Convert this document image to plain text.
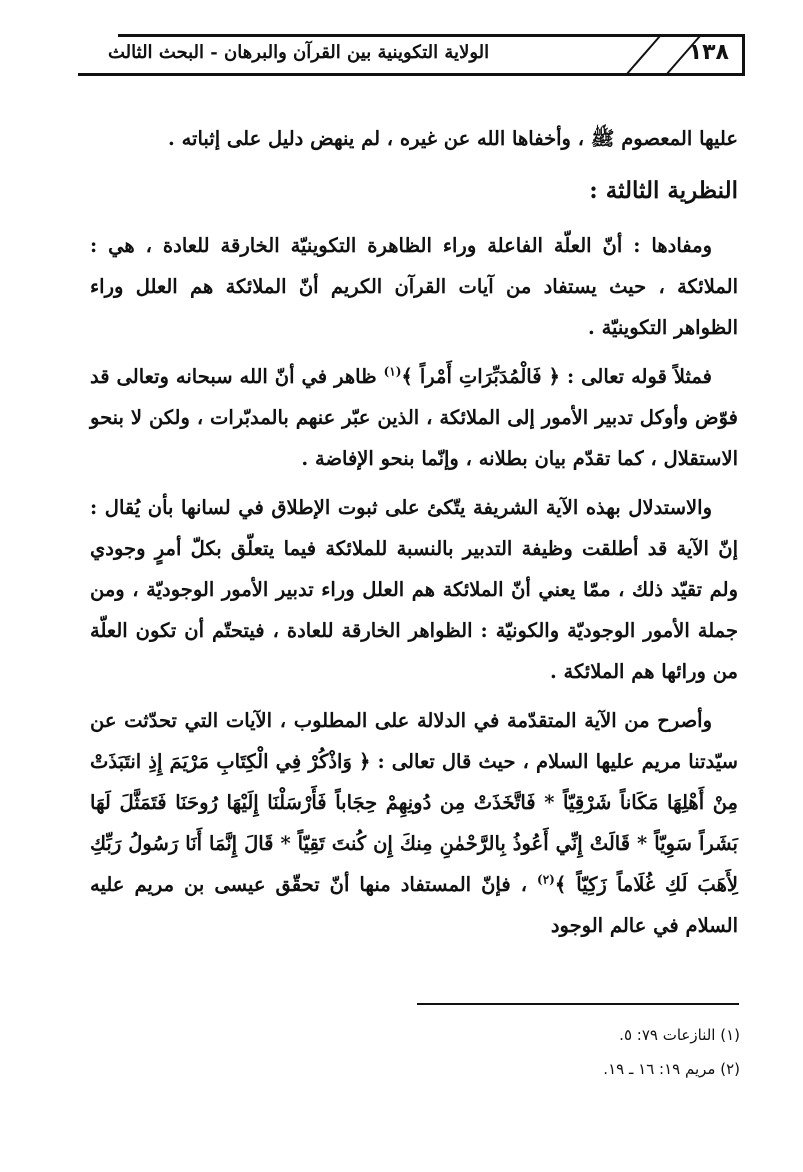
١٣٨
الولاية التكوينية بين القرآن والبرهان - البحث الثالث

عليها المعصوم ﷺ ، وأخفاها الله عن غيره ، لم ينهض دليل على إثباته .

النظرية الثالثة :

ومفادها : أنّ العلّة الفاعلة وراء الظاهرة التكوينيّة الخارقة للعادة ، هي : الملائكة ، حيث يستفاد من آيات القرآن الكريم أنّ الملائكة هم العلل وراء الظواهر التكوينيّة .

فمثلاً قوله تعالى : ﴿ فَالْمُدَبِّرَاتِ أَمْراً ﴾$^{(١)}$ ظاهر في أنّ الله سبحانه وتعالى قد فوّض وأوكل تدبير الأمور إلى الملائكة ، الذين عبّر عنهم بالمدبّرات ، ولكن لا بنحو الاستقلال ، كما تقدّم بيان بطلانه ، وإنّما بنحو الإفاضة .

والاستدلال بهذه الآية الشريفة يتّكئ على ثبوت الإطلاق في لسانها بأن يُقال : إنّ الآية قد أطلقت وظيفة التدبير بالنسبة للملائكة فيما يتعلّق بكلّ أمرٍ وجودي ولم تقيّد ذلك ، ممّا يعني أنّ الملائكة هم العلل وراء تدبير الأمور الوجوديّة ، ومن جملة الأمور الوجوديّة والكونيّة : الظواهر الخارقة للعادة ، فيتحتّم أن تكون العلّة من ورائها هم الملائكة .

وأصرح من الآية المتقدّمة في الدلالة على المطلوب ، الآيات التي تحدّثت عن سيّدتنا مريم عليها السلام ، حيث قال تعالى : ﴿ وَاذْكُرْ فِي الْكِتَابِ مَرْيَمَ إِذِ انتَبَذَتْ مِنْ أَهْلِهَا مَكَاناً شَرْقِيّاً * فَاتَّخَذَتْ مِن دُونِهِمْ حِجَاباً فَأَرْسَلْنَا إِلَيْهَا رُوحَنَا فَتَمَثَّلَ لَهَا بَشَراً سَوِيّاً * قَالَتْ إِنِّي أَعُوذُ بِالرَّحْمٰنِ مِنكَ إِن كُنتَ تَقِيّاً * قَالَ إِنَّمَا أَنَا رَسُولُ رَبِّكِ لِأَهَبَ لَكِ غُلَاماً زَكِيّاً ﴾$^{(٢)}$ ، فإنّ المستفاد منها أنّ تحقّق عيسى بن مريم عليه السلام في عالم الوجود

(١) النازعات ٧٩: ٥.
(٢) مريم ١٩: ١٦ ـ ١٩.
